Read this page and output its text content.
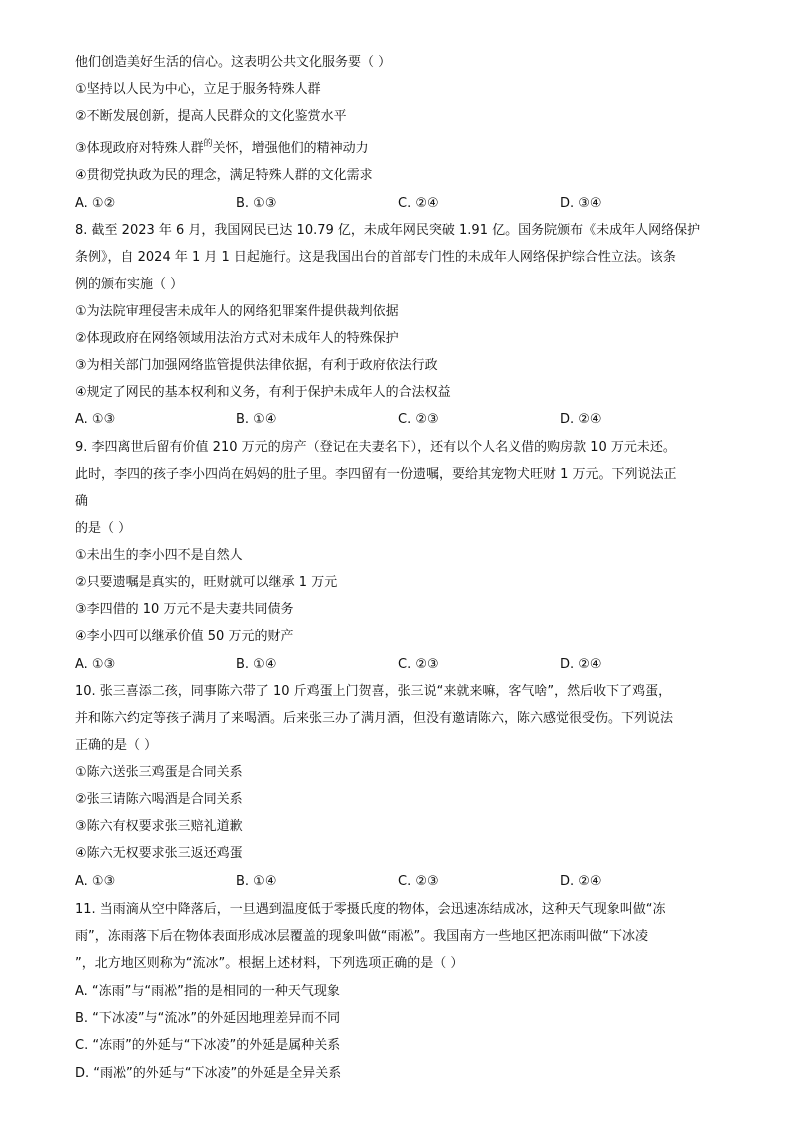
他们创造美好生活的信心。这表明公共文化服务要（ ）
①坚持以人民为中心，立足于服务特殊人群
②不断发展创新，提高人民群众的文化鉴赏水平
③体现政府对特殊人群$^的$关怀，增强他们的精神动力
④贯彻党执政为民的理念，满足特殊人群的文化需求
A. ①②	B. ①③	C. ②④	D. ③④
8. 截至 2023 年 6 月，我国网民已达 10.79 亿，未成年网民突破 1.91 亿。国务院颁布《未成年人网络保护
条例》，自 2024 年 1 月 1 日起施行。这是我国出台的首部专门性的未成年人网络保护综合性立法。该条
例的颁布实施（ ）
①为法院审理侵害未成年人的网络犯罪案件提供裁判依据
②体现政府在网络领域用法治方式对未成年人的特殊保护
③为相关部门加强网络监管提供法律依据，有利于政府依法行政
④规定了网民的基本权利和义务，有利于保护未成年人的合法权益
A. ①③	B. ①④	C. ②③	D. ②④
9. 李四离世后留有价值 210 万元的房产（登记在夫妻名下），还有以个人名义借的购房款 10 万元未还。
此时，李四的孩子李小四尚在妈妈的肚子里。李四留有一份遗嘱，要给其宠物犬旺财 1 万元。下列说法正
确
的是（ ）
①未出生的李小四不是自然人
②只要遗嘱是真实的，旺财就可以继承 1 万元
③李四借的 10 万元不是夫妻共同债务
④李小四可以继承价值 50 万元的财产
A. ①③	B. ①④	C. ②③	D. ②④
10. 张三喜添二孩，同事陈六带了 10 斤鸡蛋上门贺喜，张三说“来就来嘛，客气啥”，然后收下了鸡蛋，
并和陈六约定等孩子满月了来喝酒。后来张三办了满月酒，但没有邀请陈六，陈六感觉很受伤。下列说法
正确的是（ ）
①陈六送张三鸡蛋是合同关系
②张三请陈六喝酒是合同关系
③陈六有权要求张三赔礼道歉
④陈六无权要求张三返还鸡蛋
A. ①③	B. ①④	C. ②③	D. ②④
11. 当雨滴从空中降落后，一旦遇到温度低于零摄氏度的物体，会迅速冻结成冰，这种天气现象叫做“冻
雨”，冻雨落下后在物体表面形成冰层覆盖的现象叫做“雨凇”。我国南方一些地区把冻雨叫做“下冰凌
”，北方地区则称为“流冰”。根据上述材料，下列选项正确的是（ ）
A. “冻雨”与“雨凇”指的是相同的一种天气现象
B. “下冰凌”与“流冰”的外延因地理差异而不同
C. “冻雨”的外延与“下冰凌”的外延是属种关系
D. “雨凇”的外延与“下冰凌”的外延是全异关系
